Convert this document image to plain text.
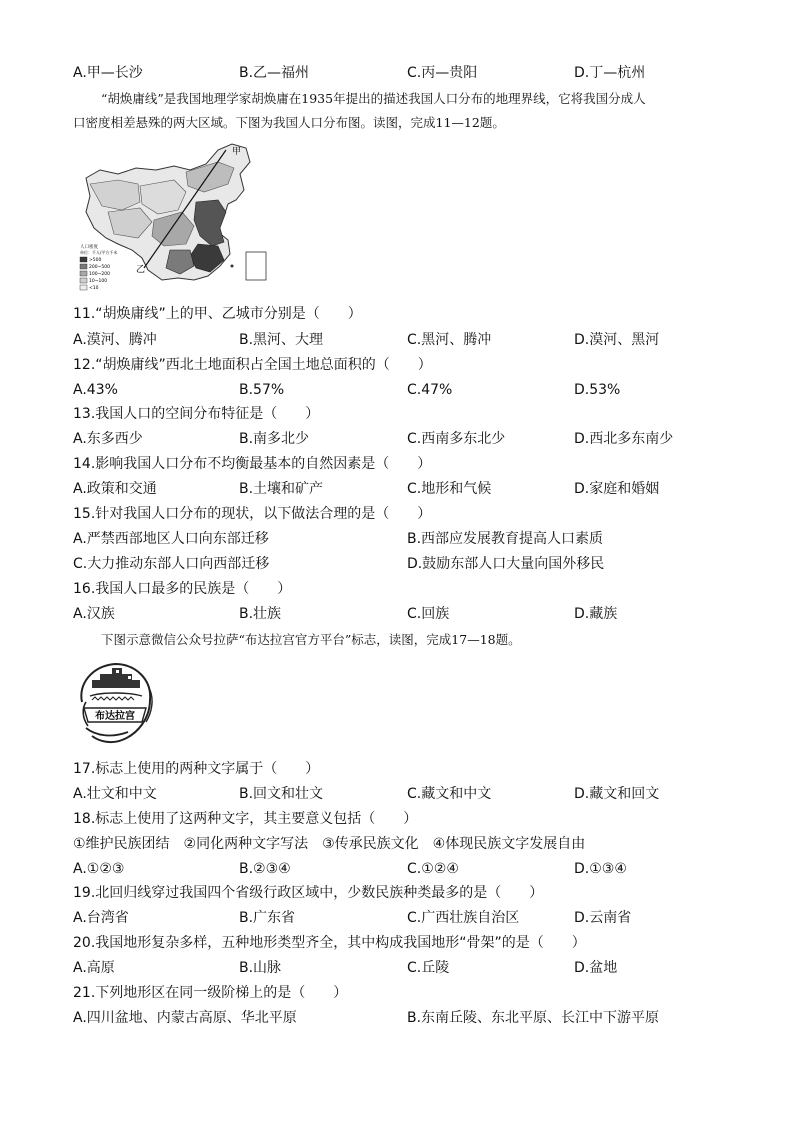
A.甲—长沙	B.乙—福州	C.丙—贵阳	D.丁—杭州
“胡焕庸线”是我国地理学家胡焕庸在1935年提出的描述我国人口分布的地理界线，它将我国分成人
口密度相差悬殊的两大区域。下图为我国人口分布图。读图，完成11—12题。
甲
乙
人口密度
单位：千人/平方千米
>500
200~500
100~200
10~100
<10
11.“胡焕庸线”上的甲、乙城市分别是（　　）
A.漠河、腾冲	B.黑河、大理	C.黑河、腾冲	D.漠河、黑河
12.“胡焕庸线”西北土地面积占全国土地总面积的（　　）
A.43%	B.57%	C.47%	D.53%
13.我国人口的空间分布特征是（　　）
A.东多西少	B.南多北少	C.西南多东北少	D.西北多东南少
14.影响我国人口分布不均衡最基本的自然因素是（　　）
A.政策和交通	B.土壤和矿产	C.地形和气候	D.家庭和婚姻
15.针对我国人口分布的现状，以下做法合理的是（　　）
A.严禁西部地区人口向东部迁移	B.西部应发展教育提高人口素质
C.大力推动东部人口向西部迁移	D.鼓励东部人口大量向国外移民
16.我国人口最多的民族是（　　）
A.汉族	B.壮族	C.回族	D.藏族
下图示意微信公众号拉萨“布达拉宫官方平台”标志，读图，完成17—18题。
布达拉宫
17.标志上使用的两种文字属于（　　）
A.壮文和中文	B.回文和壮文	C.藏文和中文	D.藏文和回文
18.标志上使用了这两种文字，其主要意义包括（　　）
①维护民族团结　②同化两种文字写法　③传承民族文化　④体现民族文字发展自由
A.①②③	B.②③④	C.①②④	D.①③④
19.北回归线穿过我国四个省级行政区域中，少数民族种类最多的是（　　）
A.台湾省	B.广东省	C.广西壮族自治区	D.云南省
20.我国地形复杂多样，五种地形类型齐全，其中构成我国地形“骨架”的是（　　）
A.高原	B.山脉	C.丘陵	D.盆地
21.下列地形区在同一级阶梯上的是（　　）
A.四川盆地、内蒙古高原、华北平原	B.东南丘陵、东北平原、长江中下游平原
